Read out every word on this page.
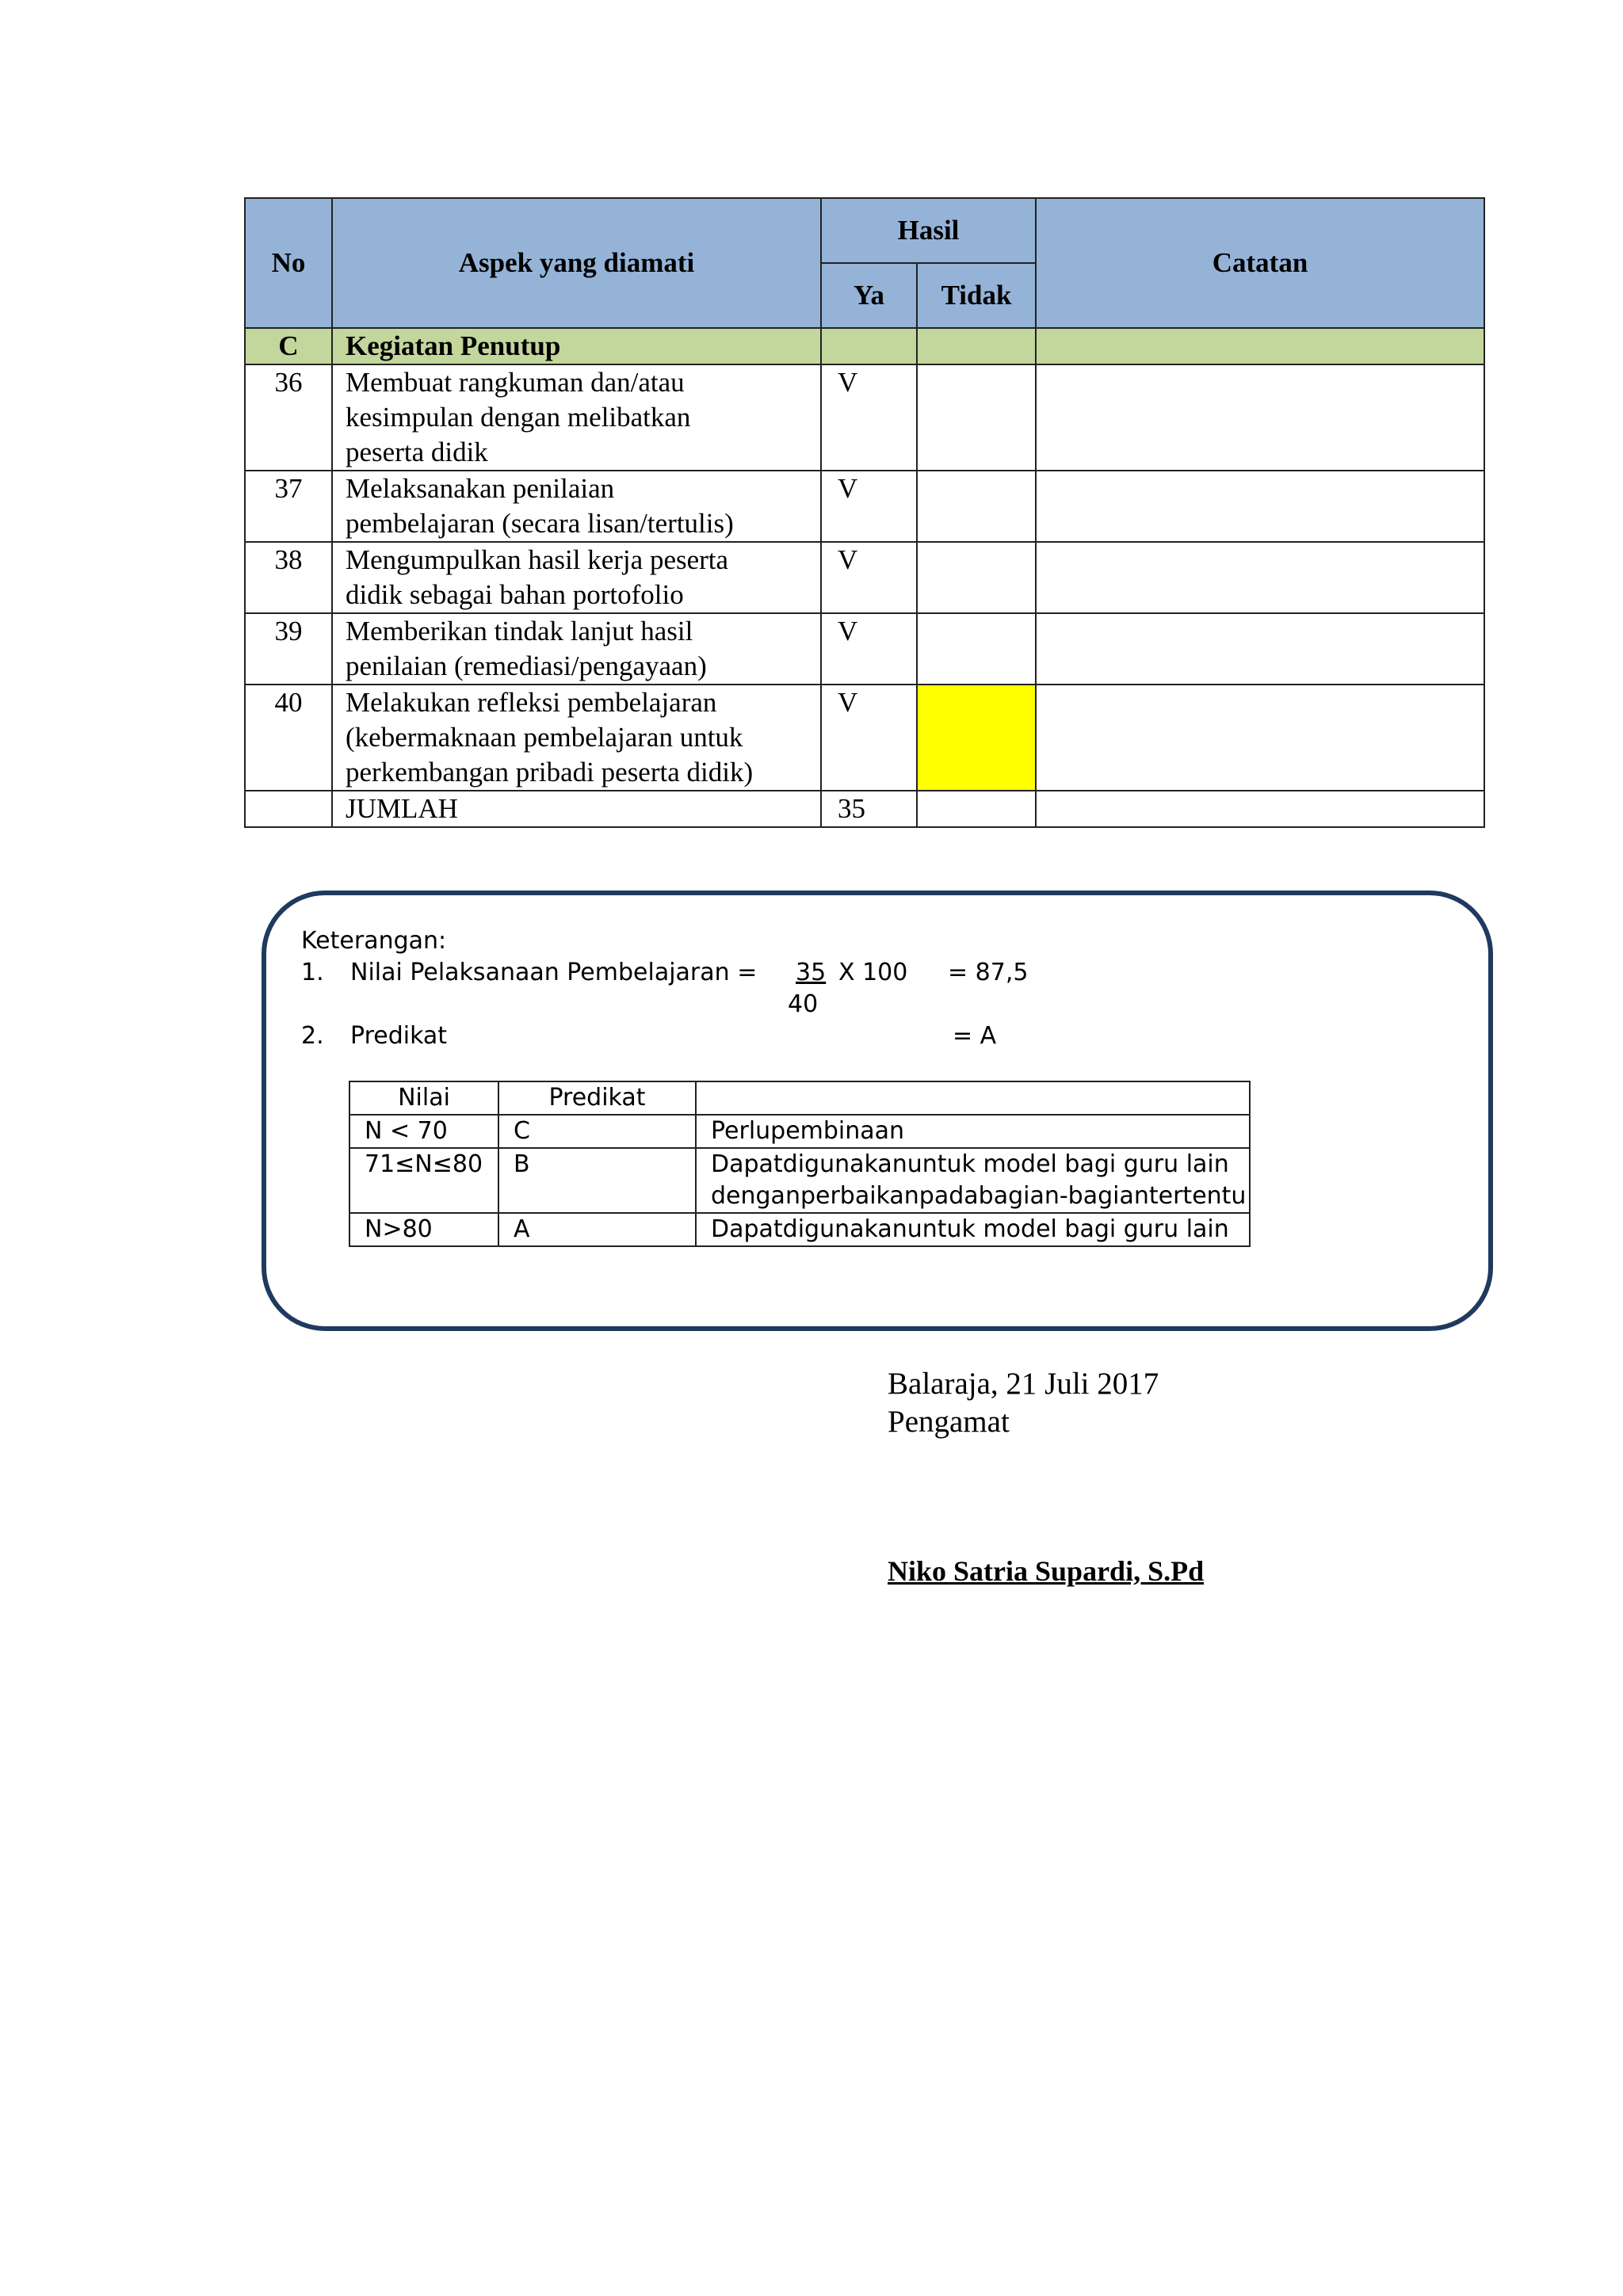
No	Aspek yang diamati	Hasil		Catatan
		Ya	Tidak	
C	Kegiatan Penutup			
36	Membuat rangkuman dan/atau
kesimpulan dengan melibatkan
peserta didik	V		
37	Melaksanakan penilaian
pembelajaran (secara lisan/tertulis)	V		
38	Mengumpulkan hasil kerja peserta
didik sebagai bahan portofolio	V		
39	Memberikan tindak lanjut hasil
penilaian (remediasi/pengayaan)	V		
40	Melakukan refleksi pembelajaran
(kebermaknaan pembelajaran untuk
perkembangan pribadi peserta didik)	V		
	JUMLAH	35		
Keterangan:
1. Nilai Pelaksanaan Pembelajaran =	35 X 100 = 87,5
40
2. Predikat	= A
Nilai	Predikat	
N < 70	C	Perlupembinaan
71≤N≤80	B	Dapatdigunakanuntuk model bagi guru lain
denganperbaikanpadabagian-bagiantertentu
N>80	A	Dapatdigunakanuntuk model bagi guru lain
Balaraja, 21 Juli 2017
Pengamat
Niko Satria Supardi, S.Pd
